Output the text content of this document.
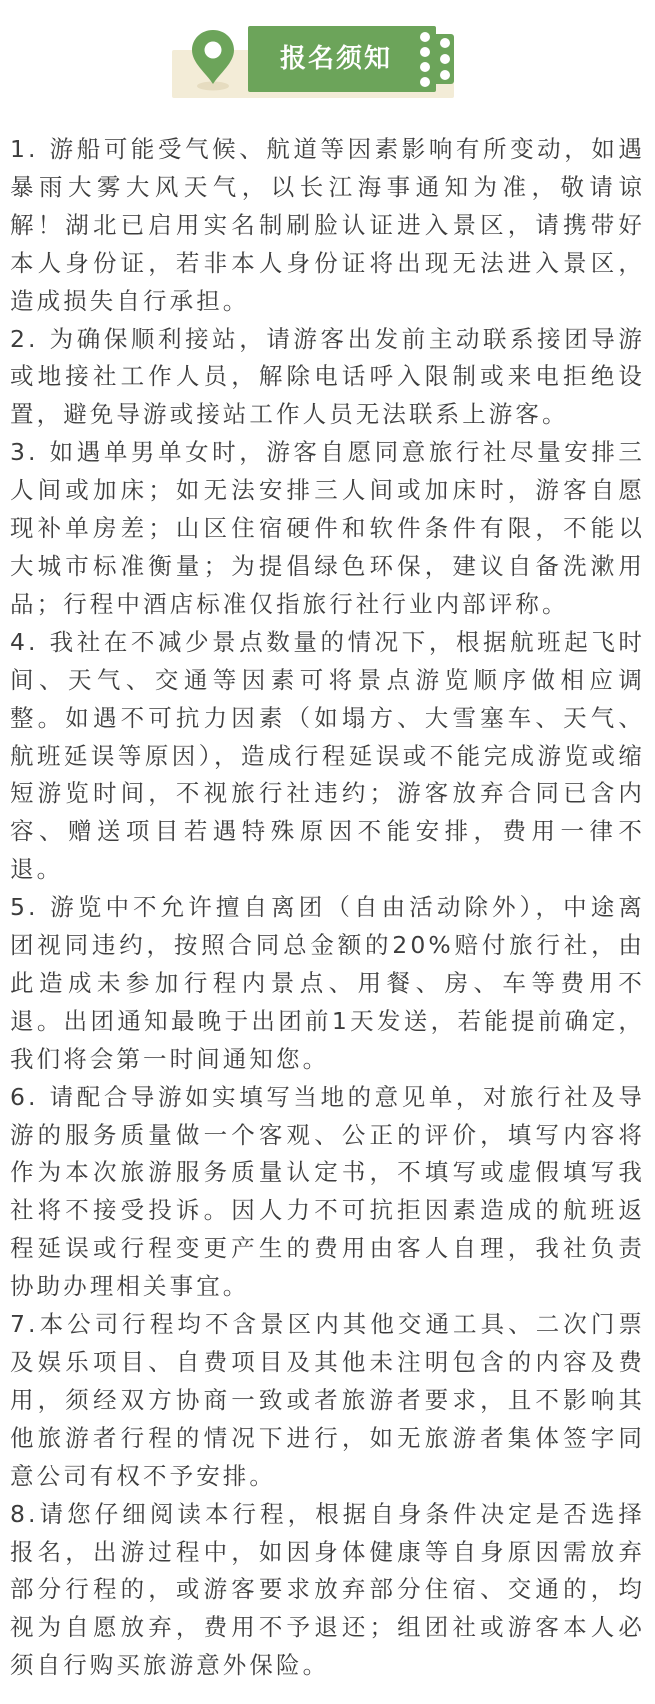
报名须知

1. 游船可能受气候、航道等因素影响有所变动，如遇暴雨大雾大风天气，以长江海事通知为准，敬请谅解！湖北已启用实名制刷脸认证进入景区，请携带好本人身份证，若非本人身份证将出现无法进入景区，造成损失自行承担。

2. 为确保顺利接站，请游客出发前主动联系接团导游或地接社工作人员，解除电话呼入限制或来电拒绝设置，避免导游或接站工作人员无法联系上游客。

3. 如遇单男单女时，游客自愿同意旅行社尽量安排三人间或加床；如无法安排三人间或加床时，游客自愿现补单房差；山区住宿硬件和软件条件有限，不能以大城市标准衡量；为提倡绿色环保，建议自备洗漱用品；行程中酒店标准仅指旅行社行业内部评称。

4. 我社在不减少景点数量的情况下，根据航班起飞时间、天气、交通等因素可将景点游览顺序做相应调整。如遇不可抗力因素（如塌方、大雪塞车、天气、航班延误等原因），造成行程延误或不能完成游览或缩短游览时间，不视旅行社违约；游客放弃合同已含内容、赠送项目若遇特殊原因不能安排，费用一律不退。

5. 游览中不允许擅自离团（自由活动除外），中途离团视同违约，按照合同总金额的20%赔付旅行社，由此造成未参加行程内景点、用餐、房、车等费用不退。出团通知最晚于出团前1天发送，若能提前确定，我们将会第一时间通知您。

6. 请配合导游如实填写当地的意见单，对旅行社及导游的服务质量做一个客观、公正的评价，填写内容将作为本次旅游服务质量认定书，不填写或虚假填写我社将不接受投诉。因人力不可抗拒因素造成的航班返程延误或行程变更产生的费用由客人自理，我社负责协助办理相关事宜。

7.本公司行程均不含景区内其他交通工具、二次门票及娱乐项目、自费项目及其他未注明包含的内容及费用，须经双方协商一致或者旅游者要求，且不影响其他旅游者行程的情况下进行，如无旅游者集体签字同意公司有权不予安排。

8.请您仔细阅读本行程，根据自身条件决定是否选择报名，出游过程中，如因身体健康等自身原因需放弃部分行程的，或游客要求放弃部分住宿、交通的，均视为自愿放弃，费用不予退还；组团社或游客本人必须自行购买旅游意外保险。
